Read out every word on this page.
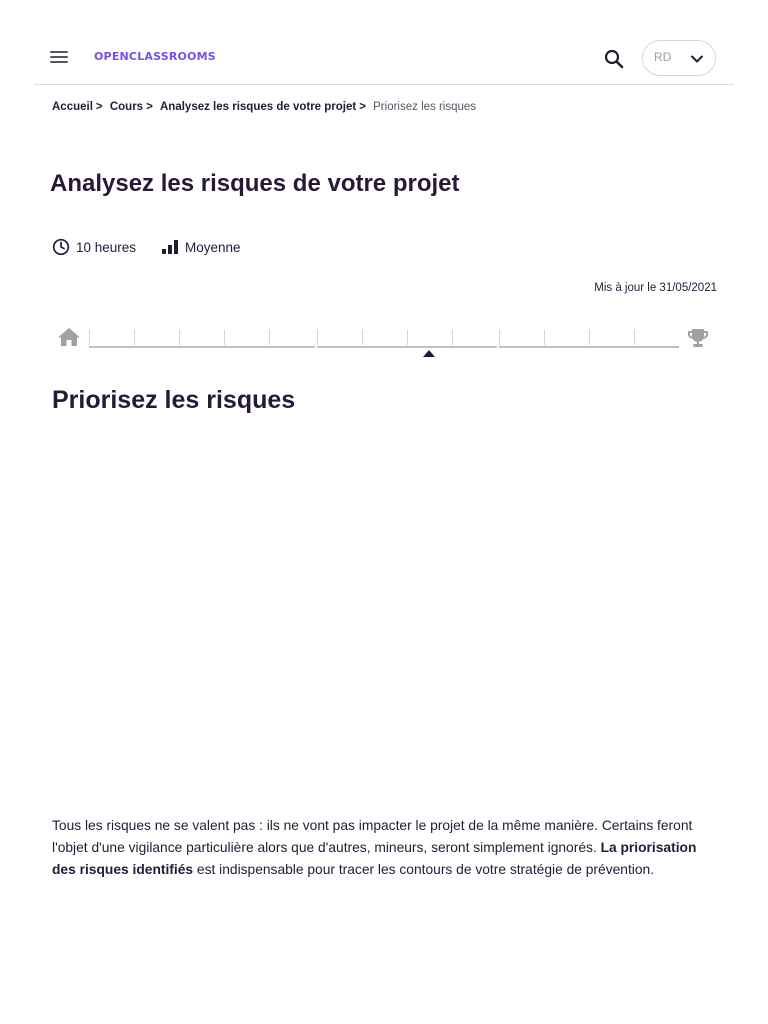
OPENCLASSROOMS	RD
Accueil > Cours > Analysez les risques de votre projet > Priorisez les risques
Analysez les risques de votre projet
10 heures	Moyenne
Mis à jour le 31/05/2021
Priorisez les risques

Tous les risques ne se valent pas : ils ne vont pas impacter le projet de la même manière. Certains feront l'objet d'une vigilance particulière alors que d'autres, mineurs, seront simplement ignorés. La priorisation des risques identifiés est indispensable pour tracer les contours de votre stratégie de prévention.
